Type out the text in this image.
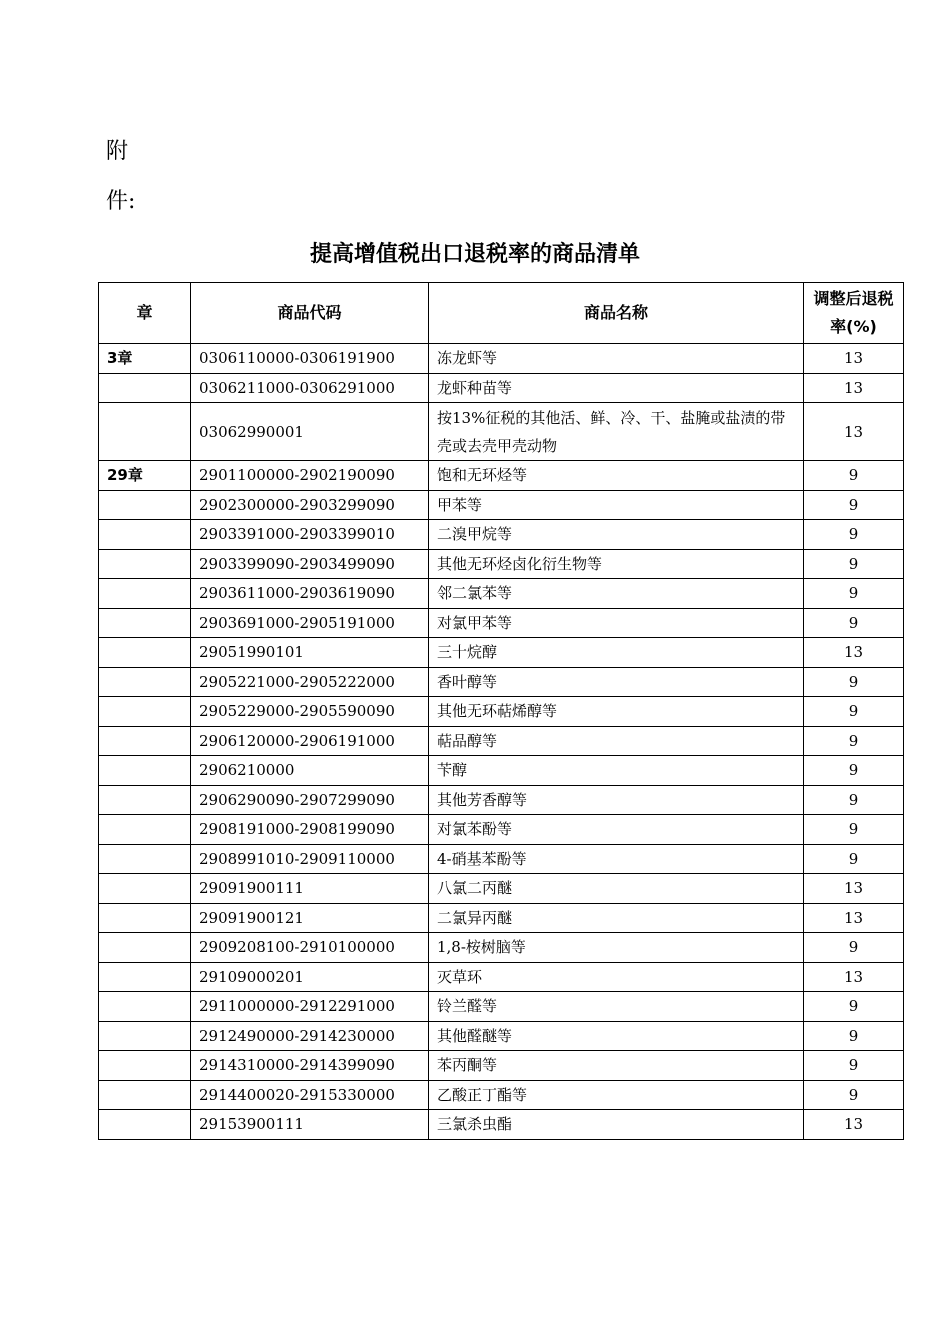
附
件:
提高增值税出口退税率的商品清单
章	商品代码	商品名称	调整后退税率(%)
3章	0306110000-0306191900	冻龙虾等	13
	0306211000-0306291000	龙虾种苗等	13
	03062990001	按13%征税的其他活、鲜、冷、干、盐腌或盐渍的带壳或去壳甲壳动物	13
29章	2901100000-2902190090	饱和无环烃等	9
	2902300000-2903299090	甲苯等	9
	2903391000-2903399010	二溴甲烷等	9
	2903399090-2903499090	其他无环烃卤化衍生物等	9
	2903611000-2903619090	邻二氯苯等	9
	2903691000-2905191000	对氯甲苯等	9
	29051990101	三十烷醇	13
	2905221000-2905222000	香叶醇等	9
	2905229000-2905590090	其他无环萜烯醇等	9
	2906120000-2906191000	萜品醇等	9
	2906210000	苄醇	9
	2906290090-2907299090	其他芳香醇等	9
	2908191000-2908199090	对氯苯酚等	9
	2908991010-2909110000	4-硝基苯酚等	9
	29091900111	八氯二丙醚	13
	29091900121	二氯异丙醚	13
	2909208100-2910100000	1,8-桉树脑等	9
	29109000201	灭草环	13
	2911000000-2912291000	铃兰醛等	9
	2912490000-2914230000	其他醛醚等	9
	2914310000-2914399090	苯丙酮等	9
	2914400020-2915330000	乙酸正丁酯等	9
	29153900111	三氯杀虫酯	13
